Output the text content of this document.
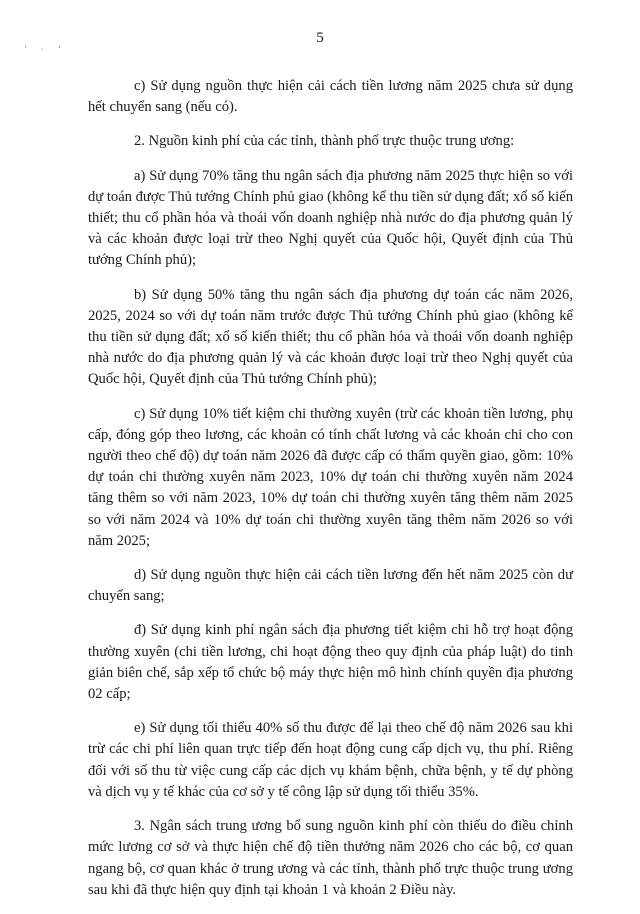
’ · ‘
5

c) Sử dụng nguồn thực hiện cải cách tiền lương năm 2025 chưa sử dụng hết chuyển sang (nếu có).

2. Nguồn kinh phí của các tỉnh, thành phố trực thuộc trung ương:

a) Sử dụng 70% tăng thu ngân sách địa phương năm 2025 thực hiện so với dự toán được Thủ tướng Chính phủ giao (không kể thu tiền sử dụng đất; xổ số kiến thiết; thu cổ phần hóa và thoái vốn doanh nghiệp nhà nước do địa phương quản lý và các khoản được loại trừ theo Nghị quyết của Quốc hội, Quyết định của Thủ tướng Chính phủ);

b) Sử dụng 50% tăng thu ngân sách địa phương dự toán các năm 2026, 2025, 2024 so với dự toán năm trước được Thủ tướng Chính phủ giao (không kể thu tiền sử dụng đất; xổ số kiến thiết; thu cổ phần hóa và thoái vốn doanh nghiệp nhà nước do địa phương quản lý và các khoản được loại trừ theo Nghị quyết của Quốc hội, Quyết định của Thủ tướng Chính phủ);

c) Sử dụng 10% tiết kiệm chi thường xuyên (trừ các khoản tiền lương, phụ cấp, đóng góp theo lương, các khoản có tính chất lương và các khoản chi cho con người theo chế độ) dự toán năm 2026 đã được cấp có thẩm quyền giao, gồm: 10% dự toán chi thường xuyên năm 2023, 10% dự toán chi thường xuyên năm 2024 tăng thêm so với năm 2023, 10% dự toán chi thường xuyên tăng thêm năm 2025 so với năm 2024 và 10% dự toán chi thường xuyên tăng thêm năm 2026 so với năm 2025;

d) Sử dụng nguồn thực hiện cải cách tiền lương đến hết năm 2025 còn dư chuyển sang;

đ) Sử dụng kinh phí ngân sách địa phương tiết kiệm chi hỗ trợ hoạt động thường xuyên (chi tiền lương, chi hoạt động theo quy định của pháp luật) do tinh giản biên chế, sắp xếp tổ chức bộ máy thực hiện mô hình chính quyền địa phương 02 cấp;

e) Sử dụng tối thiểu 40% số thu được để lại theo chế độ năm 2026 sau khi trừ các chi phí liên quan trực tiếp đến hoạt động cung cấp dịch vụ, thu phí. Riêng đối với số thu từ việc cung cấp các dịch vụ khám bệnh, chữa bệnh, y tế dự phòng và dịch vụ y tế khác của cơ sở y tế công lập sử dụng tối thiểu 35%.

3. Ngân sách trung ương bổ sung nguồn kinh phí còn thiếu do điều chỉnh mức lương cơ sở và thực hiện chế độ tiền thưởng năm 2026 cho các bộ, cơ quan ngang bộ, cơ quan khác ở trung ương và các tỉnh, thành phố trực thuộc trung ương sau khi đã thực hiện quy định tại khoản 1 và khoản 2 Điều này.
